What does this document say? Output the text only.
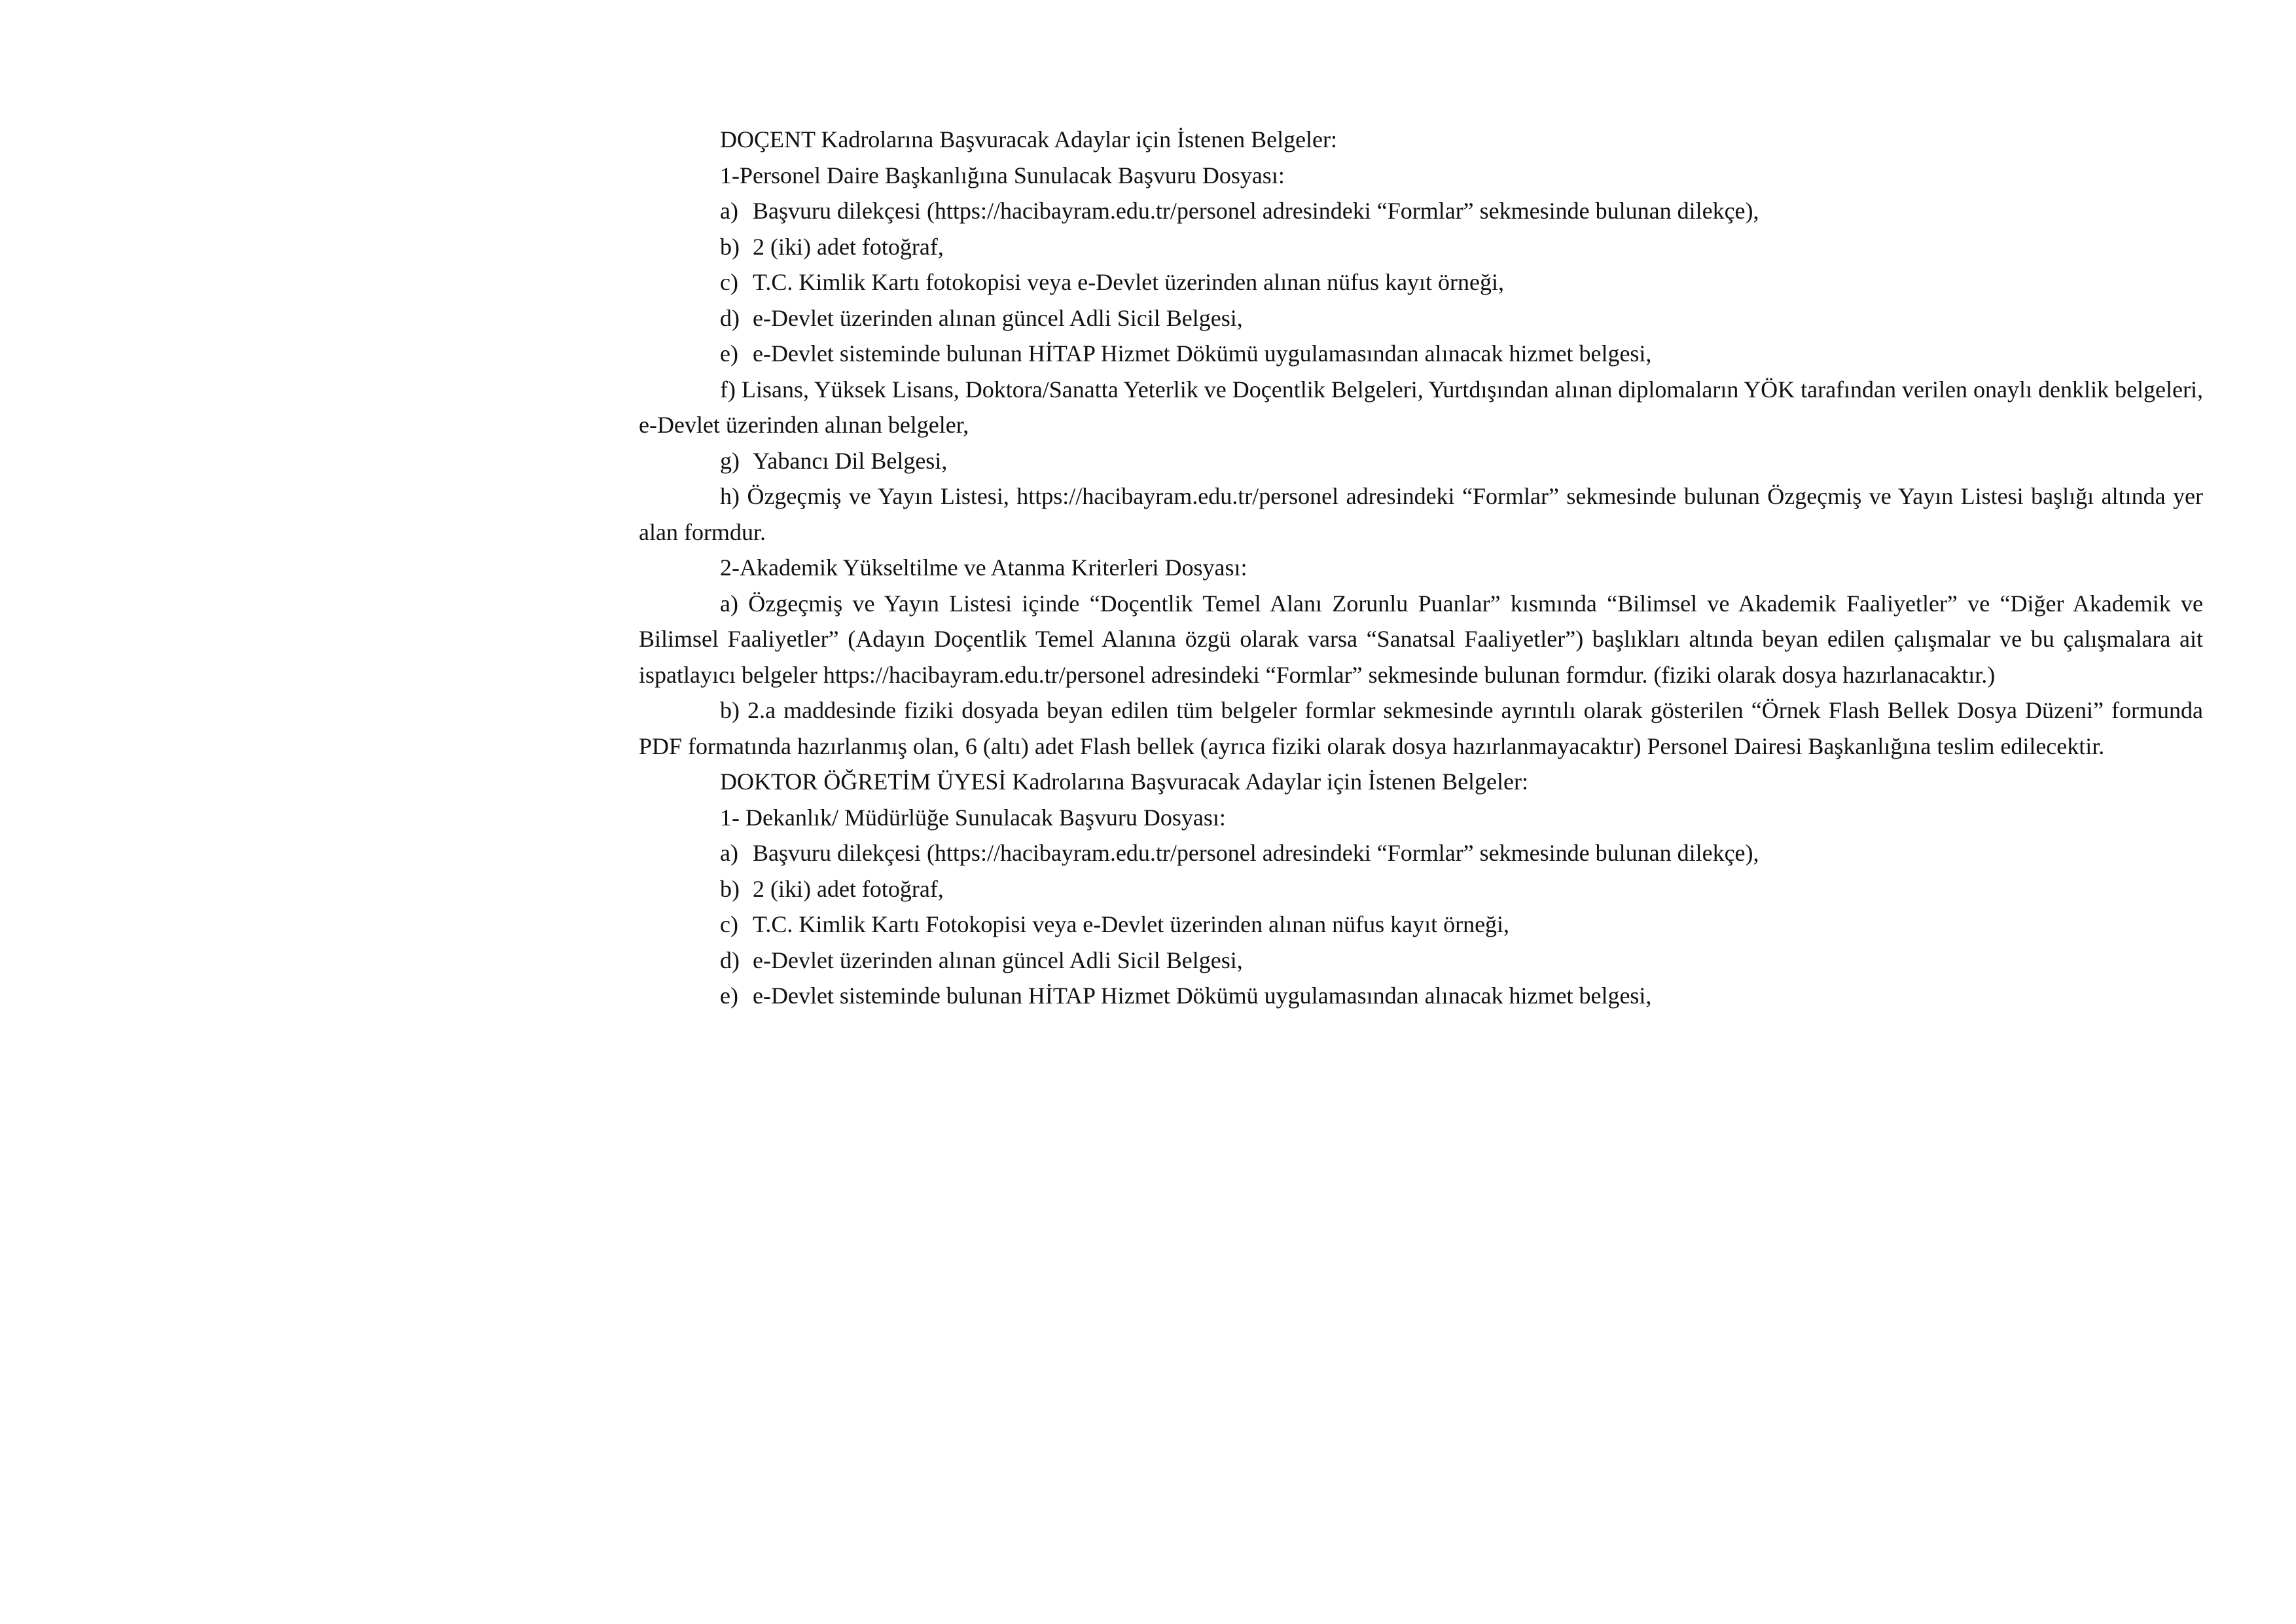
DOÇENT Kadrolarına Başvuracak Adaylar için İstenen Belgeler:

1-Personel Daire Başkanlığına Sunulacak Başvuru Dosyası:

a) Başvuru dilekçesi (https://hacibayram.edu.tr/personel adresindeki “Formlar” sekmesinde bulunan dilekçe),
b) 2 (iki) adet fotoğraf,
c) T.C. Kimlik Kartı fotokopisi veya e-Devlet üzerinden alınan nüfus kayıt örneği,
d) e-Devlet üzerinden alınan güncel Adli Sicil Belgesi,
e) e-Devlet sisteminde bulunan HİTAP Hizmet Dökümü uygulamasından alınacak hizmet belgesi,

f) Lisans, Yüksek Lisans, Doktora/Sanatta Yeterlik ve Doçentlik Belgeleri, Yurtdışından alınan diplomaların YÖK tarafından verilen onaylı denklik belgeleri, e-Devlet üzerinden alınan belgeler,

g) Yabancı Dil Belgesi,

h) Özgeçmiş ve Yayın Listesi, https://hacibayram.edu.tr/personel adresindeki “Formlar” sekmesinde bulunan Özgeçmiş ve Yayın Listesi başlığı altında yer alan formdur.

2-Akademik Yükseltilme ve Atanma Kriterleri Dosyası:

a) Özgeçmiş ve Yayın Listesi içinde “Doçentlik Temel Alanı Zorunlu Puanlar” kısmında “Bilimsel ve Akademik Faaliyetler” ve “Diğer Akademik ve Bilimsel Faaliyetler” (Adayın Doçentlik Temel Alanına özgü olarak varsa “Sanatsal Faaliyetler”) başlıkları altında beyan edilen çalışmalar ve bu çalışmalara ait ispatlayıcı belgeler https://hacibayram.edu.tr/personel adresindeki “Formlar” sekmesinde bulunan formdur. (fiziki olarak dosya hazırlanacaktır.)

b) 2.a maddesinde fiziki dosyada beyan edilen tüm belgeler formlar sekmesinde ayrıntılı olarak gösterilen “Örnek Flash Bellek Dosya Düzeni” formunda PDF formatında hazırlanmış olan, 6 (altı) adet Flash bellek (ayrıca fiziki olarak dosya hazırlanmayacaktır) Personel Dairesi Başkanlığına teslim edilecektir.

DOKTOR ÖĞRETİM ÜYESİ Kadrolarına Başvuracak Adaylar için İstenen Belgeler:

1- Dekanlık/ Müdürlüğe Sunulacak Başvuru Dosyası:

a) Başvuru dilekçesi (https://hacibayram.edu.tr/personel adresindeki “Formlar” sekmesinde bulunan dilekçe),
b) 2 (iki) adet fotoğraf,
c) T.C. Kimlik Kartı Fotokopisi veya e-Devlet üzerinden alınan nüfus kayıt örneği,
d) e-Devlet üzerinden alınan güncel Adli Sicil Belgesi,
e) e-Devlet sisteminde bulunan HİTAP Hizmet Dökümü uygulamasından alınacak hizmet belgesi,
